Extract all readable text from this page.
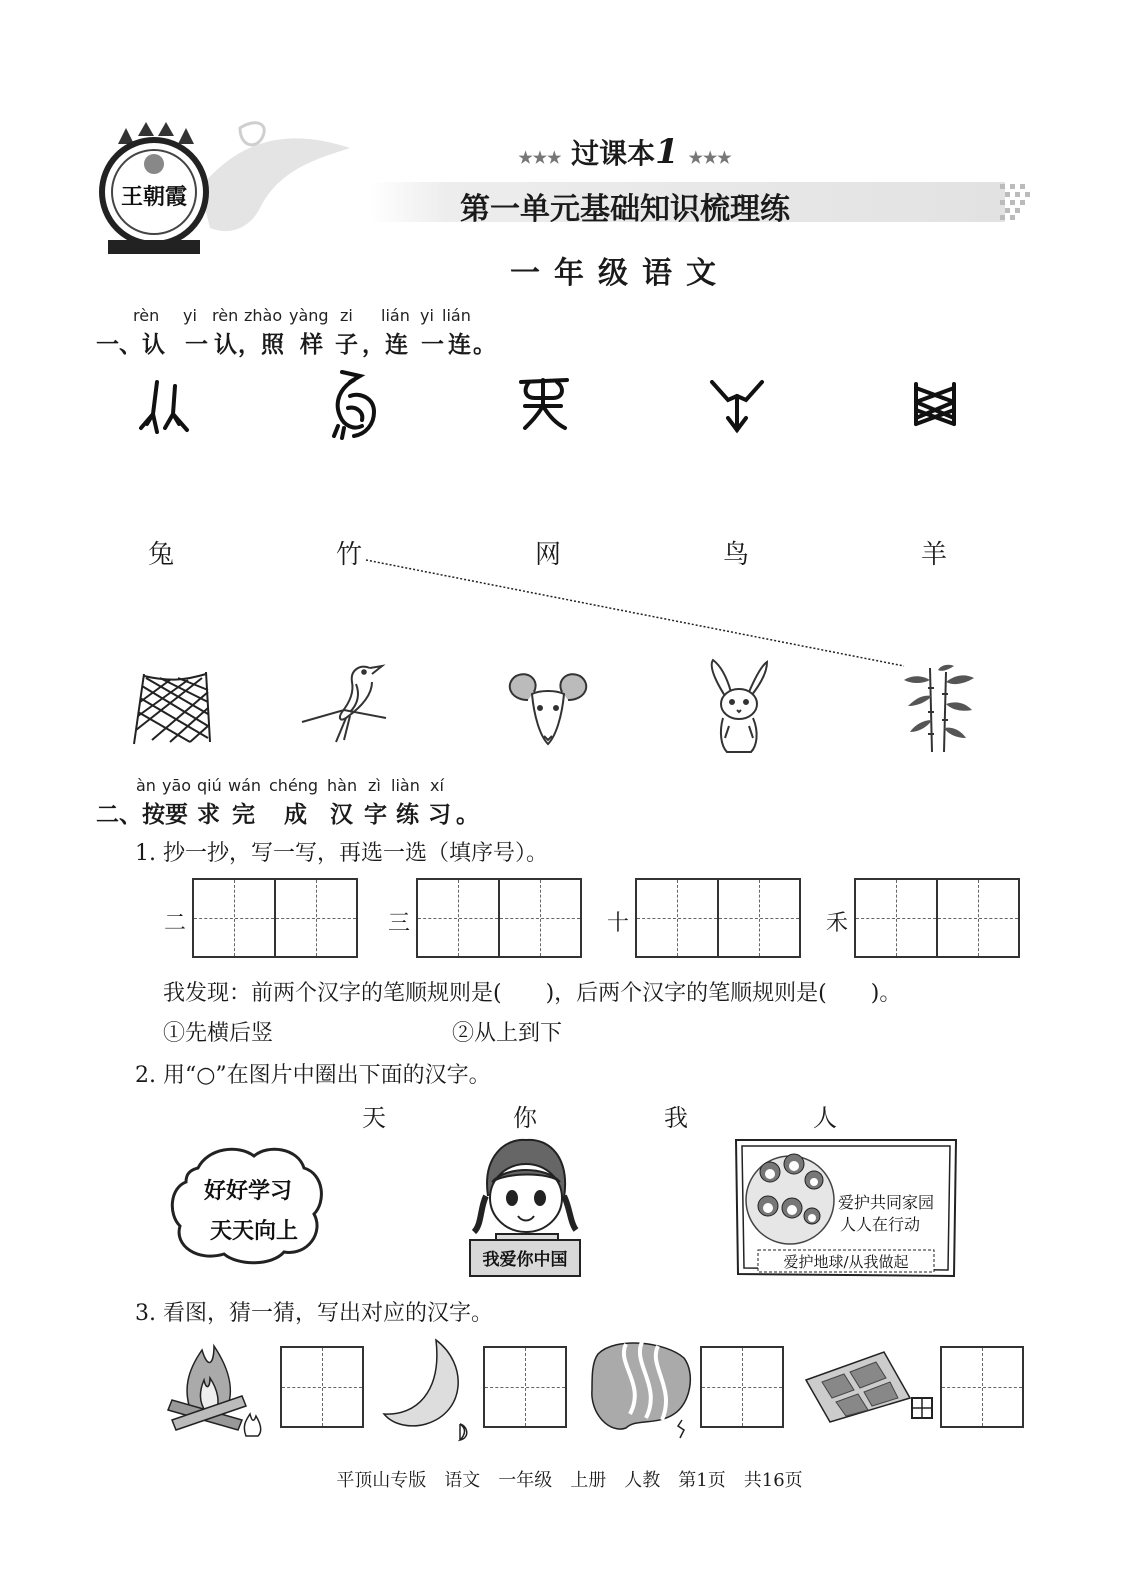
王朝霞
★★★ 过课本1 ★★★
第一单元基础知识梳理练
一年级语文
rèn yi rèn zhào yàng zi lián yi lián
一、认 一 认 ，照 样 子 ，连 一 连 。
兔	竹	网	鸟	羊
àn yāo qiú wán chéng hàn zì liàn xí
二、按 要 求 完 成 汉 字 练 习 。
1. 抄一抄，写一写，再选一选（填序号）。
二	三	十	禾
我发现：前两个汉字的笔顺规则是(　　)，后两个汉字的笔顺规则是(　　)。
①先横后竖	②从上到下
2. 用“○”在图片中圈出下面的汉字。
天	你	我	人
好好学习
天天向上
我爱你中国
爱护共同家园
人人在行动
爱护地球/从我做起
3. 看图，猜一猜，写出对应的汉字。
平顶山专版　语文　一年级　上册　人教　第1页　共16页
